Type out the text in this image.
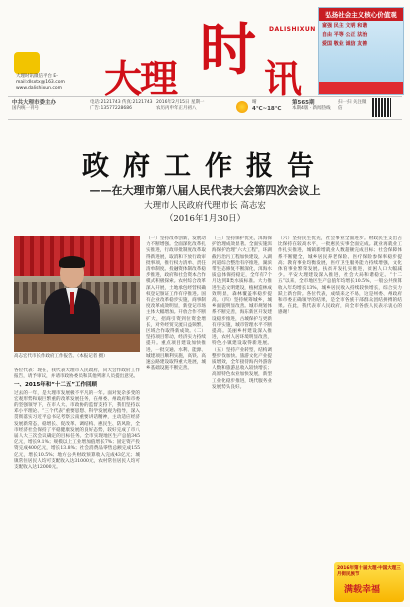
大理时讯微信平台 E-mail:dlsxtx@163.com www.dalishixun.com	大理 时 DALISHIXUN
讯
弘扬社会主义核心价值观
富强 民主 文明 和谐
自由 平等 公正 法治
爱国 敬业 诚信 友善
中共大理市委主办
国内统一刊号
电话:2121743 传真:2121743
广告:13577228686
2016年2月15日 星期一
农历丙申年正月初八
晴
4℃~18℃
第565期
本期4版 · 新闻热线
扫一扫 关注微信
政府工作报告
——在大理市第八届人民代表大会第四次会议上
大理市人民政府代理市长 高志宏
（2016年1月30日）
高志宏代市长作政府工作报告。（本报记者 摄）
各位代表：现在，我代表大理市人民政府，向大会作政府工作报告，请予审议，并请市政协委员和其他列席人员提出意见。
一、2015年和“十二五”工作回顾
过去的一年，是大理市发展极不平凡的一年。面对复杂多变的宏观形势和艰巨繁重的改革发展任务，在州委、州政府和市委的坚强领导下，在市人大、市政协的监督支持下，我们坚持以邓小平理论、“三个代表”重要思想、科学发展观为指导，深入贯彻落实习近平总书记考察云南重要讲话精神，主动适应经济发展新常态，稳增长、促改革、调结构、惠民生、防风险，全市经济社会保持了平稳健康发展的良好态势，较好完成了市八届人大三次会议确定的目标任务。全市实现地区生产总值345亿元，增长9.1%；规模以上工业增加值增长7%；固定资产投资完成400亿元，增长13.8%；社会消费品零售总额完成155亿元，增长10.5%；地方公共财政预算收入完成43亿元；城镇常住居民人均可支配收入达31000元，农村常住居民人均可支配收入达12000元。
（一）坚持改革创新，发展动力不断增强。全面深化改革扎实推进，行政审批制度改革取得新进展，取消和下放行政审批事项，推行权力清单、责任清单制度。投融资体制改革稳步推进，政府和社会资本合作模式积极探索。农村综合改革深入开展，土地承包经营权确权登记颁证工作有序推进。国有企业改革稳步实施，商事制度改革成效明显，新登记市场主体大幅增加。开放合作不断扩大，招商引资到位资金增长，对外经贸交流日益频繁，区域合作取得新成效。（二）坚持项目带动，经济实力持续提升。重点项目建设加快推进，一批交通、水利、能源、城建项目顺利实施，高铁、高速公路建设取得重大进展，城乡基础设施不断完善。
（三）坚持保护优先，洱海保护治理成效显著。全面实施洱海保护治理“六大工程”，环湖截污治污工程加快建设，入湖河道综合整治有序推进，湖滨带生态修复不断深化，洱海水质总体保持稳定，全年有7个月达到Ⅱ类水质标准。大力推进生态文明建设，植树造林成效明显，森林覆盖率稳步提高。（四）坚持统筹城乡，城乡面貌明显改善。城市规划体系不断完善，海东新区开发建设稳步推进，古城保护与更新有序实施，城市管理水平不断提高。美丽乡村建设深入推进，农村人居环境明显改善，特色小镇建设取得新进展。（五）坚持产业转型，结构调整步伐加快。旅游文化产业提质增效，全年接待海内外游客人数和旅游总收入较快增长；高原特色农业加快发展，新型工业化稳步推进，现代服务业发展势头良好。
（六）坚持民生优先，社会事业全面进步。财政民生支出占比保持在较高水平，一批惠民实事全面完成。就业再就业工作扎实推进，城镇新增就业人数超额完成目标；社会保障体系不断健全，城乡居民养老保险、医疗保险参保率稳步提高；教育事业均衡发展，医疗卫生服务能力持续增强，文化体育事业繁荣发展。扶贫开发扎实推进，贫困人口大幅减少。平安大理建设深入推进，社会大局和谐稳定。“十二五”以来，全市地区生产总值年均增长10.5%，一般公共预算收入年均增长13%，城乡居民收入持续较快增长，综合实力跃上新台阶。各位代表，成绩来之不易，这是州委、州政府和市委正确领导的结果，是全市各族干部群众团结拼搏的结果。在此，我代表市人民政府，向全市各族人民表示衷心的感谢！
2016年第十届大理·中国大理三月街民族节
满载幸福
